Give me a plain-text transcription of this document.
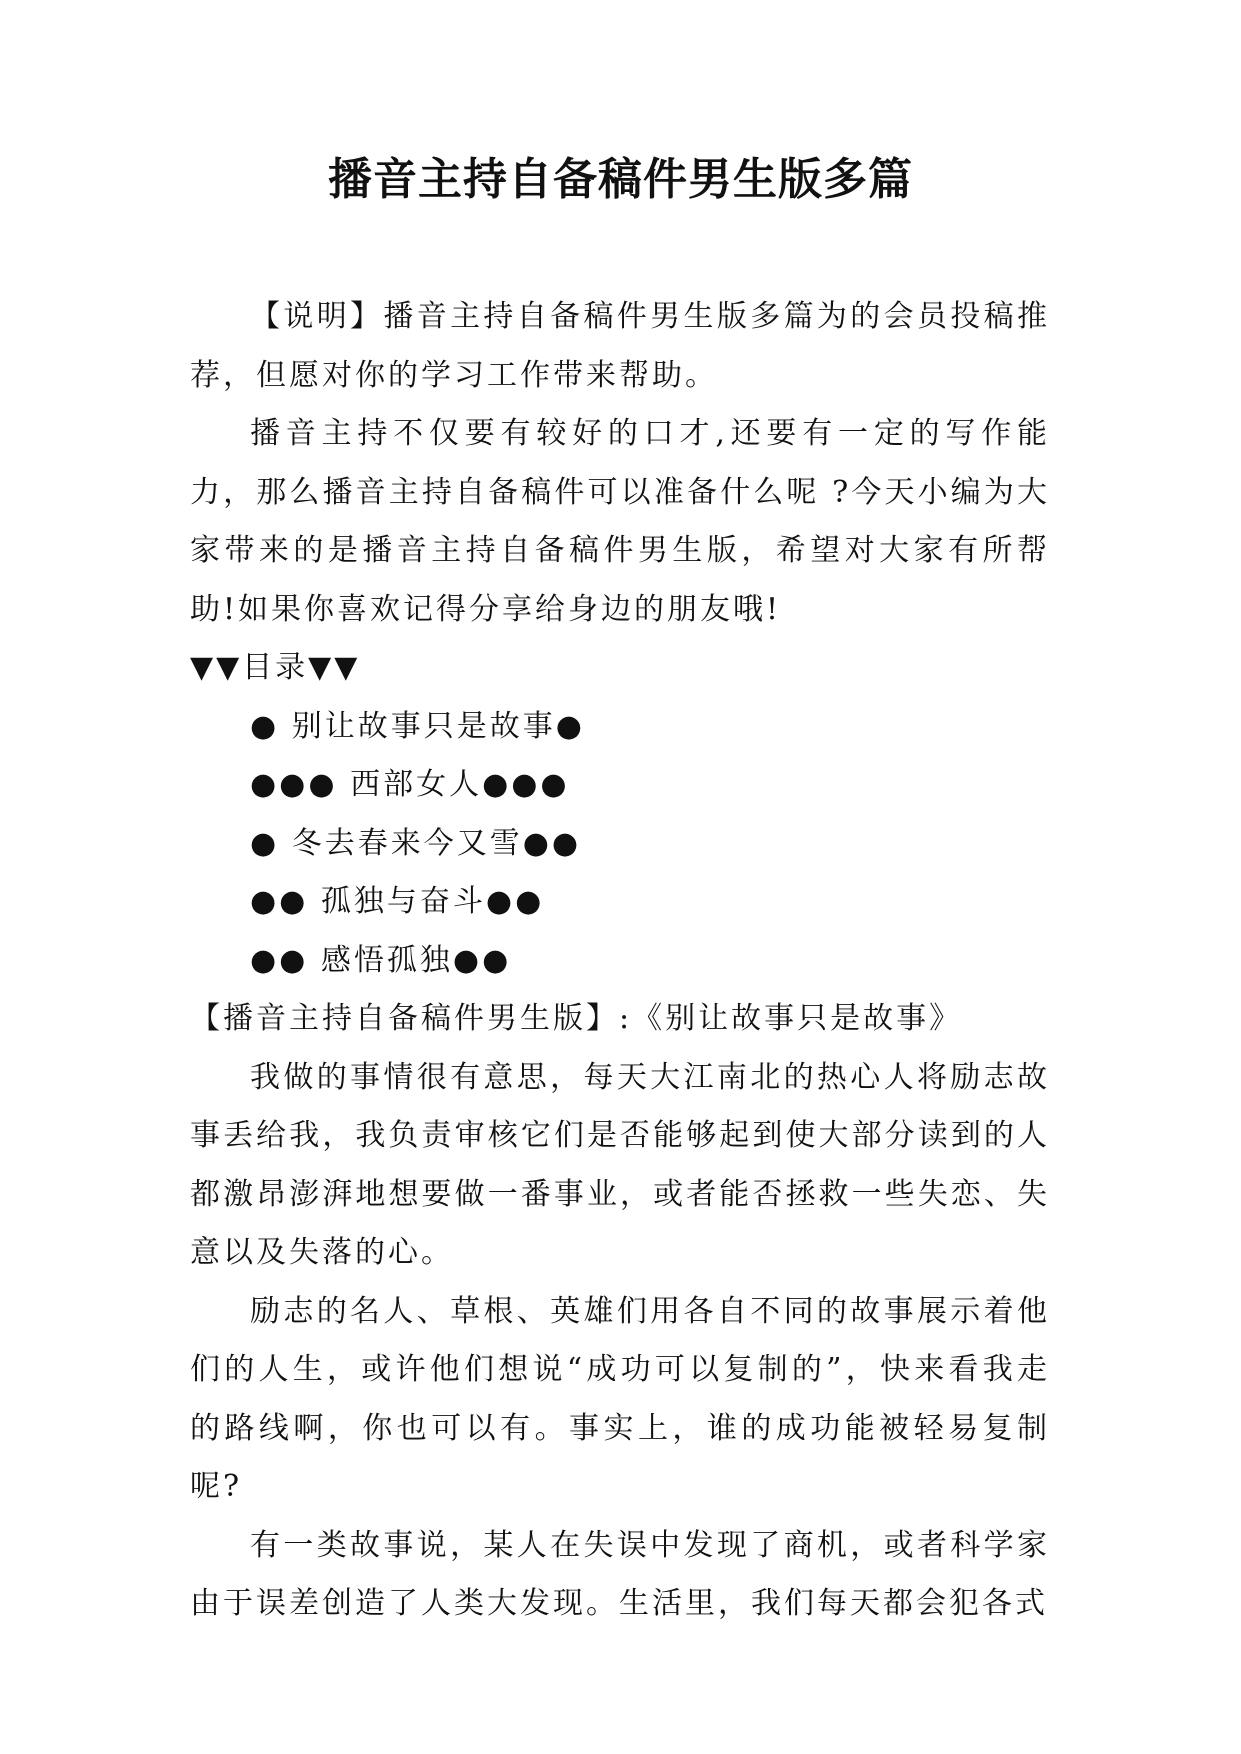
播音主持自备稿件男生版多篇

【说明】播音主持自备稿件男生版多篇为的会员投稿推荐，但愿对你的学习工作带来帮助。

播音主持不仅要有较好的口才,还要有一定的写作能力，那么播音主持自备稿件可以准备什么呢 ?今天小编为大家带来的是播音主持自备稿件男生版，希望对大家有所帮助!如果你喜欢记得分享给身边的朋友哦!

▼▼目录▼▼

● 别让故事只是故事●

●●● 西部女人●●●

● 冬去春来今又雪●●

●● 孤独与奋斗●●

●● 感悟孤独●●

【播音主持自备稿件男生版】:《别让故事只是故事》

我做的事情很有意思，每天大江南北的热心人将励志故事丢给我，我负责审核它们是否能够起到使大部分读到的人都激昂澎湃地想要做一番事业，或者能否拯救一些失恋、失意以及失落的心。

励志的名人、草根、英雄们用各自不同的故事展示着他们的人生，或许他们想说“成功可以复制的”，快来看我走的路线啊，你也可以有。事实上，谁的成功能被轻易复制呢?

有一类故事说，某人在失误中发现了商机，或者科学家由于误差创造了人类大发现。生活里，我们每天都会犯各式
